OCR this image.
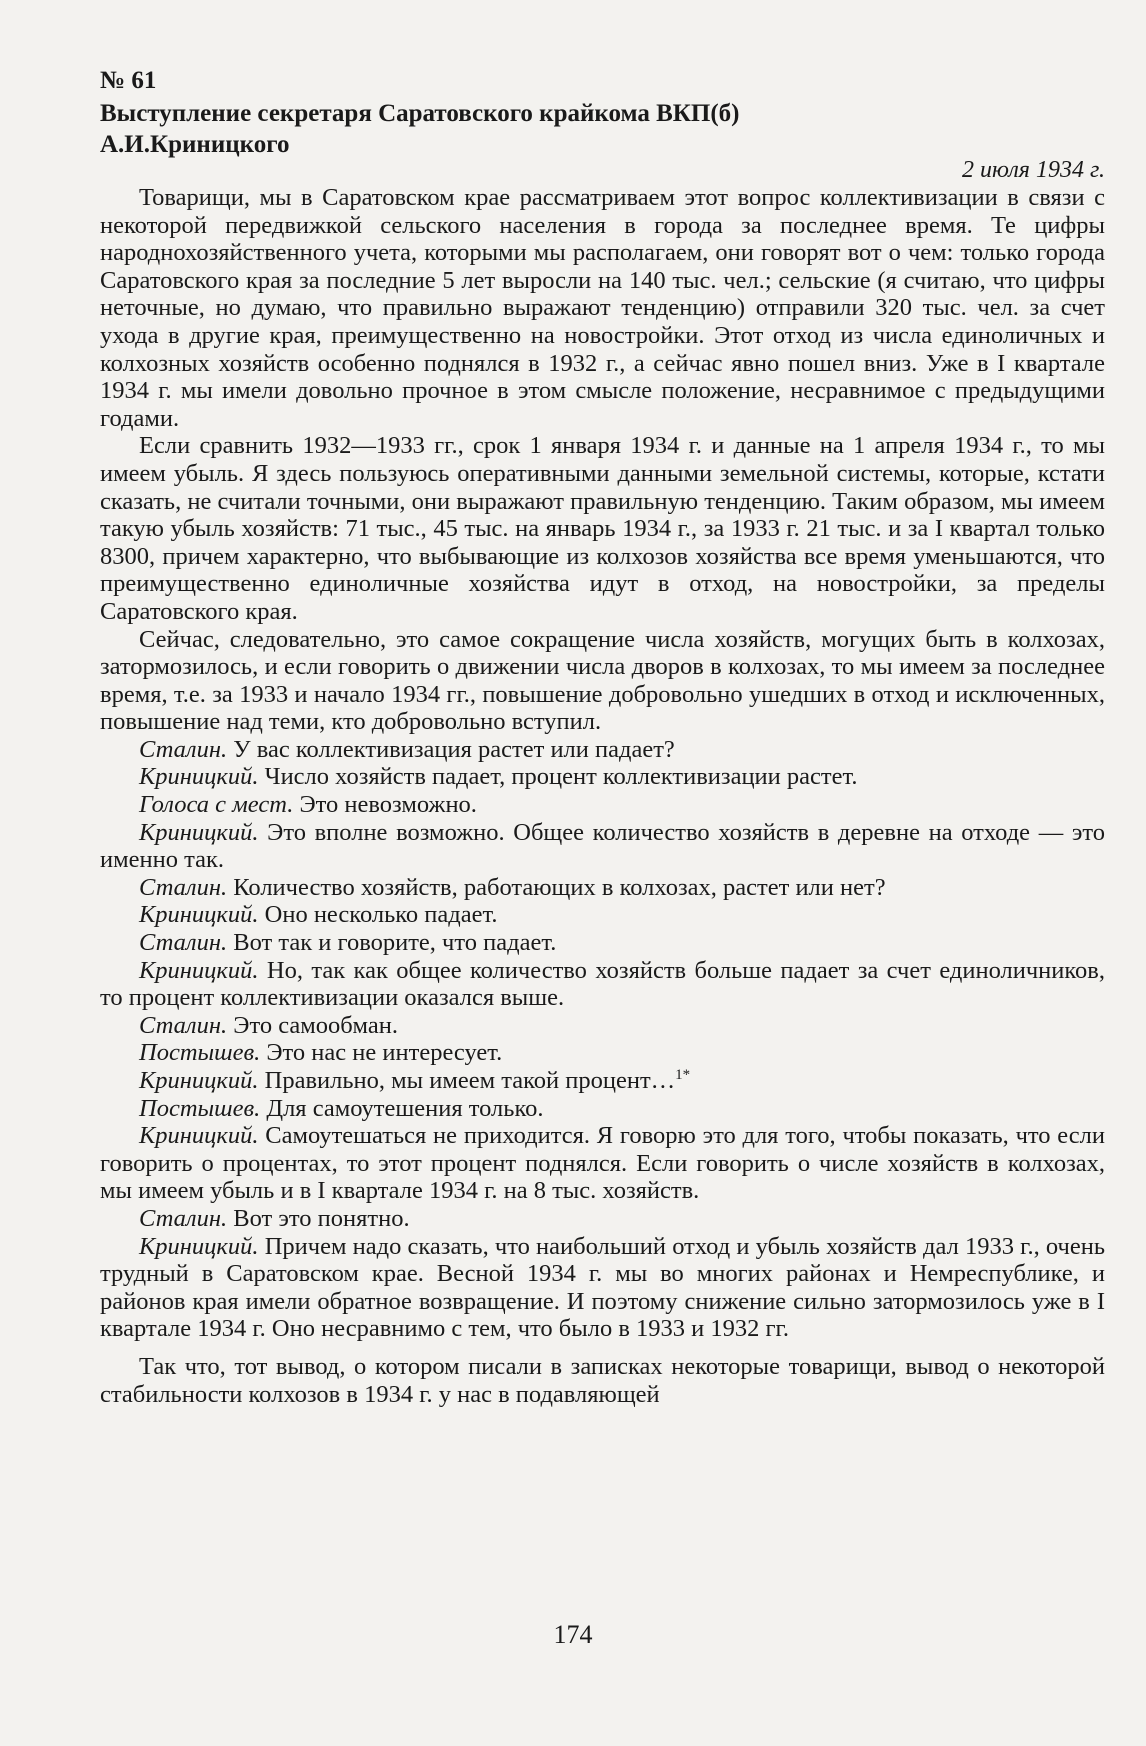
№ 61
Выступление секретаря Саратовского крайкома ВКП(б)
А.И.Криницкого
2 июля 1934 г.

Товарищи, мы в Саратовском крае рассматриваем этот вопрос коллективизации в связи с некоторой передвижкой сельского населения в города за последнее время. Те цифры народнохозяйственного учета, которыми мы располагаем, они говорят вот о чем: только города Саратовского края за последние 5 лет выросли на 140 тыс. чел.; сельские (я считаю, что цифры неточные, но думаю, что правильно выражают тенденцию) отправили 320 тыс. чел. за счет ухода в другие края, преимущественно на новостройки. Этот отход из числа единоличных и колхозных хозяйств особенно поднялся в 1932 г., а сейчас явно пошел вниз. Уже в I квартале 1934 г. мы имели довольно прочное в этом смысле положение, несравнимое с предыдущими годами.

Если сравнить 1932—1933 гг., срок 1 января 1934 г. и данные на 1 апреля 1934 г., то мы имеем убыль. Я здесь пользуюсь оперативными данными земельной системы, которые, кстати сказать, не считали точными, они выражают правильную тенденцию. Таким образом, мы имеем такую убыль хозяйств: 71 тыс., 45 тыс. на январь 1934 г., за 1933 г. 21 тыс. и за I квартал только 8300, причем характерно, что выбывающие из колхозов хозяйства все время уменьшаются, что преимущественно единоличные хозяйства идут в отход, на новостройки, за пределы Саратовского края.

Сейчас, следовательно, это самое сокращение числа хозяйств, могущих быть в колхозах, затормозилось, и если говорить о движении числа дворов в колхозах, то мы имеем за последнее время, т.е. за 1933 и начало 1934 гг., повышение добровольно ушедших в отход и исключенных, повышение над теми, кто добровольно вступил.

Сталин. У вас коллективизация растет или падает?

Криницкий. Число хозяйств падает, процент коллективизации растет.

Голоса с мест. Это невозможно.

Криницкий. Это вполне возможно. Общее количество хозяйств в деревне на отходе — это именно так.

Сталин. Количество хозяйств, работающих в колхозах, растет или нет?

Криницкий. Оно несколько падает.

Сталин. Вот так и говорите, что падает.

Криницкий. Но, так как общее количество хозяйств больше падает за счет единоличников, то процент коллективизации оказался выше.

Сталин. Это самообман.

Постышев. Это нас не интересует.

Криницкий. Правильно, мы имеем такой процент…$^{1*}$

Постышев. Для самоутешения только.

Криницкий. Самоутешаться не приходится. Я говорю это для того, чтобы показать, что если говорить о процентах, то этот процент поднялся. Если говорить о числе хозяйств в колхозах, мы имеем убыль и в I квартале 1934 г. на 8 тыс. хозяйств.

Сталин. Вот это понятно.

Криницкий. Причем надо сказать, что наибольший отход и убыль хозяйств дал 1933 г., очень трудный в Саратовском крае. Весной 1934 г. мы во многих районах и Немреспублике, и районов края имели обратное возвращение. И поэтому снижение сильно затормозилось уже в I квартале 1934 г. Оно несравнимо с тем, что было в 1933 и 1932 гг.

Так что, тот вывод, о котором писали в записках некоторые товарищи, вывод о некоторой стабильности колхозов в 1934 г. у нас в подавляющей

174
